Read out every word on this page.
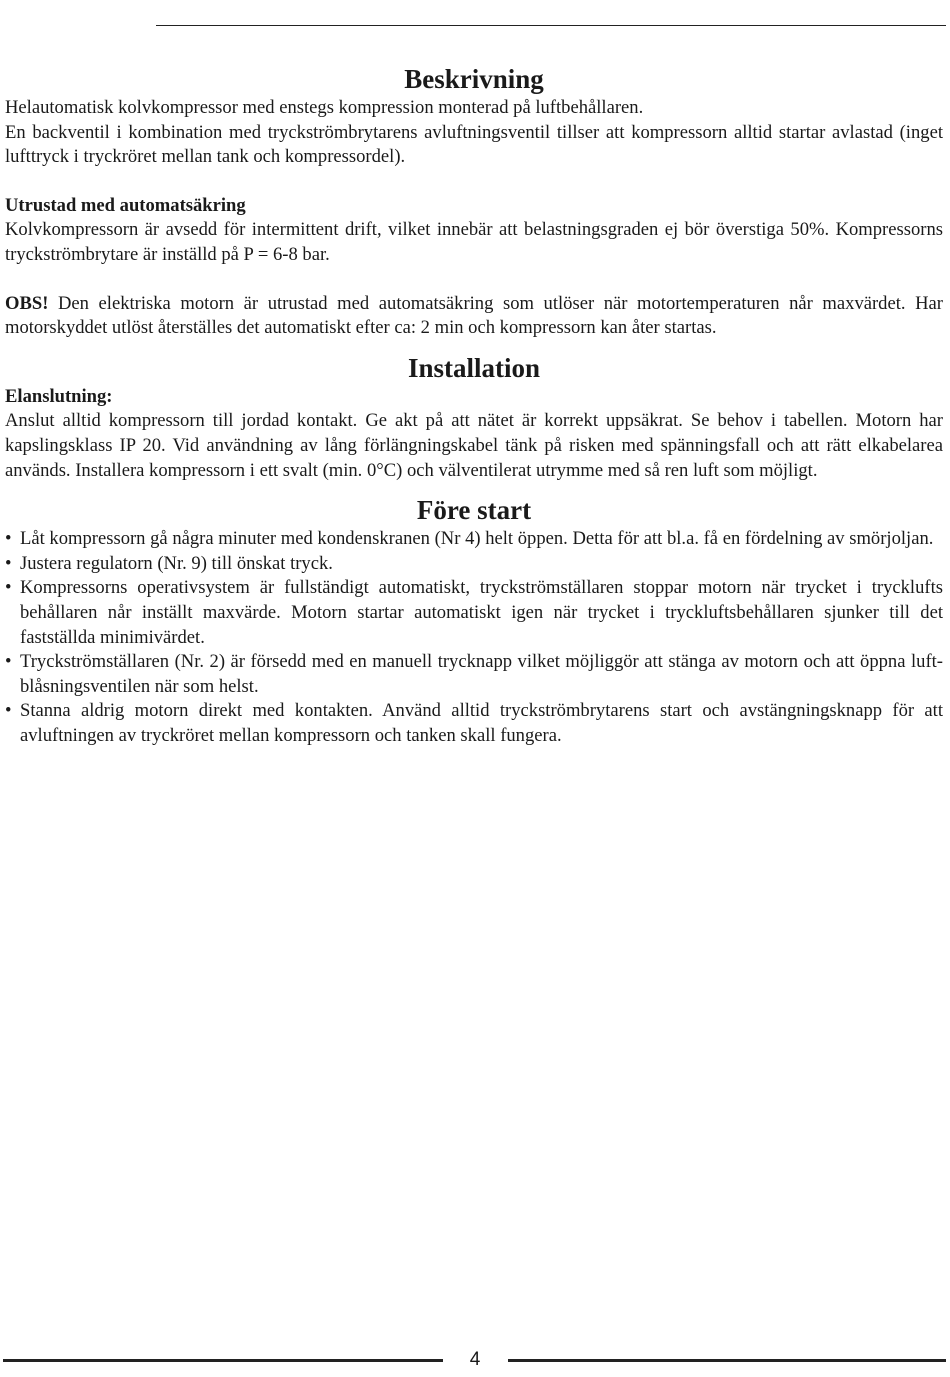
Beskrivning

Helautomatisk kolvkompressor med enstegs kompression monterad på luftbehållaren.

En backventil i kombination med tryckströmbrytarens avluftningsventil tillser att kompressorn alltid startar avlastad (inget lufttryck i tryckröret mellan tank och kompressordel).

Utrustad med automatsäkring

Kolvkompressorn är avsedd för intermittent drift, vilket innebär att belastningsgraden ej bör överstiga 50%. Kompressorns tryckströmbrytare är inställd på P = 6-8 bar.

OBS! Den elektriska motorn är utrustad med automatsäkring som utlöser när motortemperaturen når maxvärdet. Har motorskyddet utlöst återställes det automatiskt efter ca: 2 min och kompressorn kan åter startas.

Installation

Elanslutning:

Anslut alltid kompressorn till jordad kontakt. Ge akt på att nätet är korrekt uppsäkrat. Se behov i tabellen. Motorn har kapslingsklass IP 20. Vid användning av lång förlängningskabel tänk på risken med spänningsfall och att rätt elkabelarea används. Installera kompressorn i ett svalt (min. 0°C) och välventilerat utrymme med så ren luft som möjligt.

Före start
• Låt kompressorn gå några minuter med kondenskranen (Nr 4) helt öppen. Detta för att bl.a. få en fördelning av smörjoljan.
• Justera regulatorn (Nr. 9) till önskat tryck.
• Kompressorns operativsystem är fullständigt automatiskt, tryckströmställaren stoppar motorn när trycket i trycklufts behållaren når inställt maxvärde. Motorn startar automatiskt igen när trycket i tryckluftsbehållaren sjunker till det fastställda minimivärdet.
• Tryckströmställaren (Nr. 2) är försedd med en manuell trycknapp vilket möjliggör att stänga av motorn och att öppna luft- blåsningsventilen när som helst.
• Stanna aldrig motorn direkt med kontakten. Använd alltid tryckströmbrytarens start och avstängningsknapp för att avluftningen av tryckröret mellan kompressorn och tanken skall fungera.
4
